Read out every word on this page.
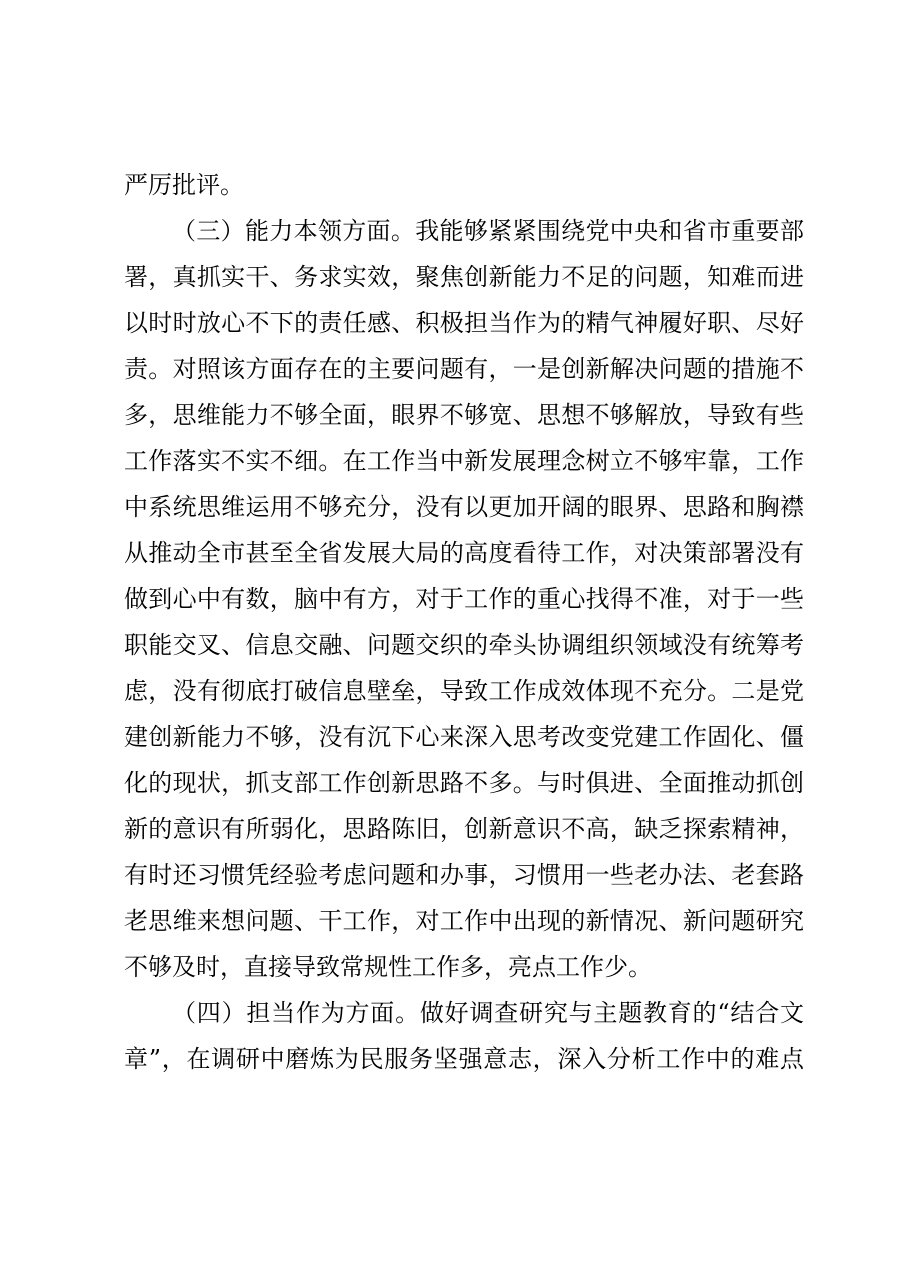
严厉批评。
（三）能力本领方面。我能够紧紧围绕党中央和省市重要部
署，真抓实干、务求实效，聚焦创新能力不足的问题，知难而进
以时时放心不下的责任感、积极担当作为的精气神履好职、尽好
责。对照该方面存在的主要问题有，一是创新解决问题的措施不
多，思维能力不够全面，眼界不够宽、思想不够解放，导致有些
工作落实不实不细。在工作当中新发展理念树立不够牢靠，工作
中系统思维运用不够充分，没有以更加开阔的眼界、思路和胸襟
从推动全市甚至全省发展大局的高度看待工作，对决策部署没有
做到心中有数，脑中有方，对于工作的重心找得不准，对于一些
职能交叉、信息交融、问题交织的牵头协调组织领域没有统筹考
虑，没有彻底打破信息壁垒，导致工作成效体现不充分。二是党
建创新能力不够，没有沉下心来深入思考改变党建工作固化、僵
化的现状，抓支部工作创新思路不多。与时俱进、全面推动抓创
新的意识有所弱化，思路陈旧，创新意识不高，缺乏探索精神，
有时还习惯凭经验考虑问题和办事，习惯用一些老办法、老套路
老思维来想问题、干工作，对工作中出现的新情况、新问题研究
不够及时，直接导致常规性工作多，亮点工作少。
（四）担当作为方面。做好调查研究与主题教育的“结合文
章”，在调研中磨炼为民服务坚强意志，深入分析工作中的难点
